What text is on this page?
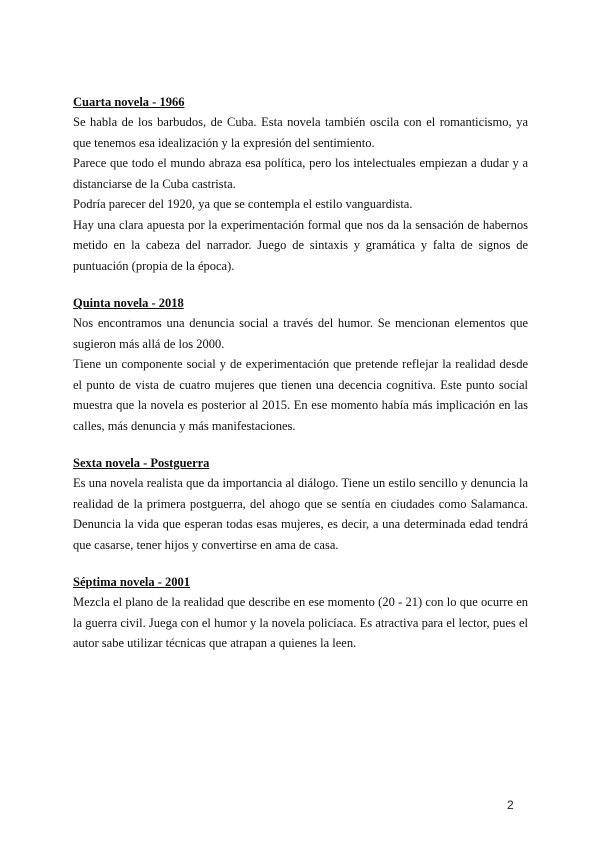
Cuarta novela - 1966

Se habla de los barbudos, de Cuba. Esta novela también oscila con el romanticismo, ya que tenemos esa idealización y la expresión del sentimiento.

Parece que todo el mundo abraza esa política, pero los intelectuales empiezan a dudar y a distanciarse de la Cuba castrista.

Podría parecer del 1920, ya que se contempla el estilo vanguardista.

Hay una clara apuesta por la experimentación formal que nos da la sensación de habernos metido en la cabeza del narrador. Juego de sintaxis y gramática y falta de signos de puntuación (propia de la época).

Quinta novela - 2018

Nos encontramos una denuncia social a través del humor. Se mencionan elementos que sugieron más allá de los 2000.

Tiene un componente social y de experimentación que pretende reflejar la realidad desde el punto de vista de cuatro mujeres que tienen una decencia cognitiva. Este punto social muestra que la novela es posterior al 2015. En ese momento había más implicación en las calles, más denuncia y más manifestaciones.

Sexta novela - Postguerra

Es una novela realista que da importancia al diálogo. Tiene un estilo sencillo y denuncia la realidad de la primera postguerra, del ahogo que se sentía en ciudades como Salamanca. Denuncia la vida que esperan todas esas mujeres, es decir, a una determinada edad tendrá que casarse, tener hijos y convertirse en ama de casa.

Séptima novela - 2001

Mezcla el plano de la realidad que describe en ese momento (20 - 21) con lo que ocurre en la guerra civil. Juega con el humor y la novela policíaca. Es atractiva para el lector, pues el autor sabe utilizar técnicas que atrapan a quienes la leen.

2
